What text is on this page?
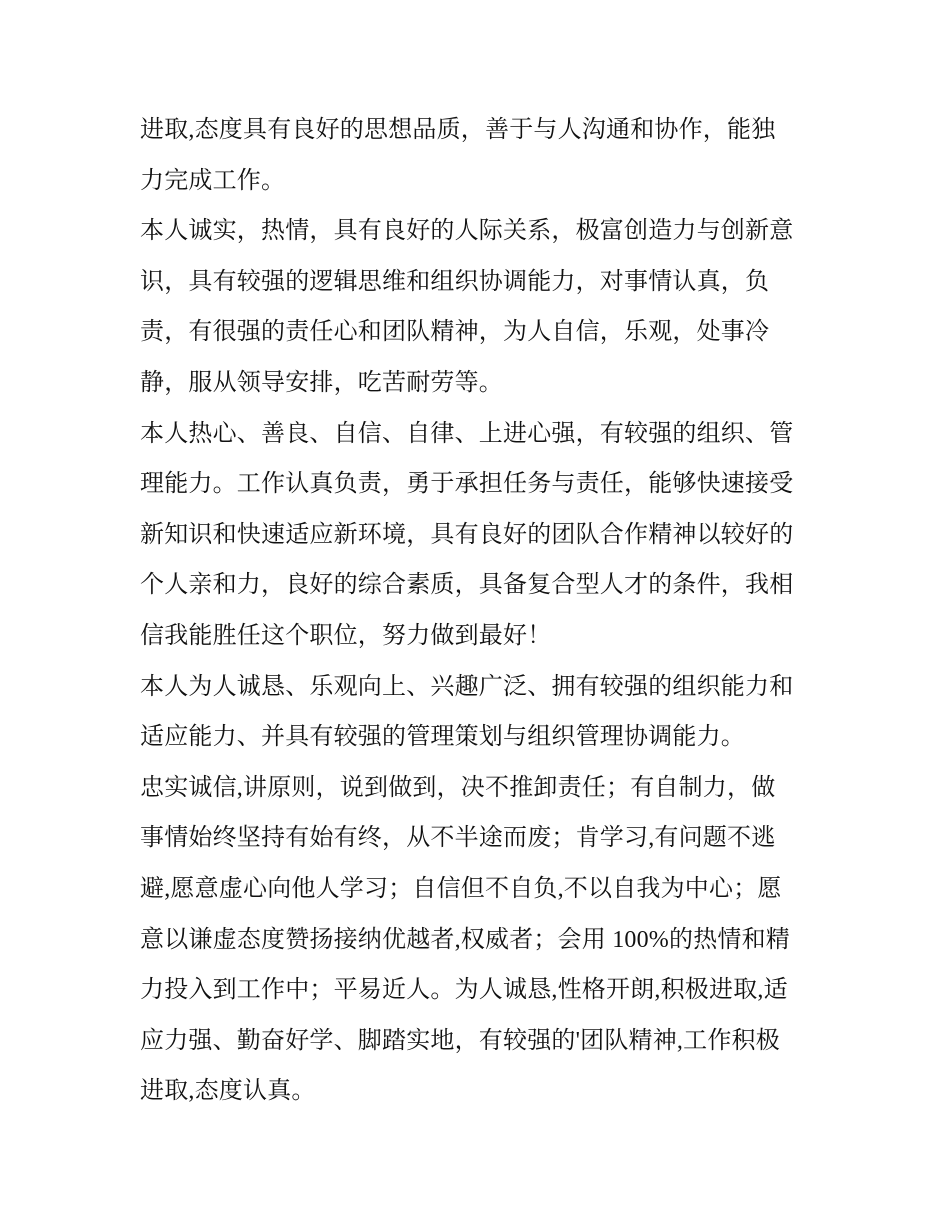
进取,态度具有良好的思想品质，善于与人沟通和协作，能独
力完成工作。
本人诚实，热情，具有良好的人际关系，极富创造力与创新意
识，具有较强的逻辑思维和组织协调能力，对事情认真，负
责，有很强的责任心和团队精神，为人自信，乐观，处事冷
静，服从领导安排，吃苦耐劳等。
本人热心、善良、自信、自律、上进心强，有较强的组织、管
理能力。工作认真负责，勇于承担任务与责任，能够快速接受
新知识和快速适应新环境，具有良好的团队合作精神以较好的
个人亲和力，良好的综合素质，具备复合型人才的条件，我相
信我能胜任这个职位，努力做到最好！
本人为人诚恳、乐观向上、兴趣广泛、拥有较强的组织能力和
适应能力、并具有较强的管理策划与组织管理协调能力。
忠实诚信,讲原则，说到做到，决不推卸责任；有自制力，做
事情始终坚持有始有终，从不半途而废；肯学习,有问题不逃
避,愿意虚心向他人学习；自信但不自负,不以自我为中心；愿
意以谦虚态度赞扬接纳优越者,权威者；会用 100%的热情和精
力投入到工作中；平易近人。为人诚恳,性格开朗,积极进取,适
应力强、勤奋好学、脚踏实地，有较强的'团队精神,工作积极
进取,态度认真。
